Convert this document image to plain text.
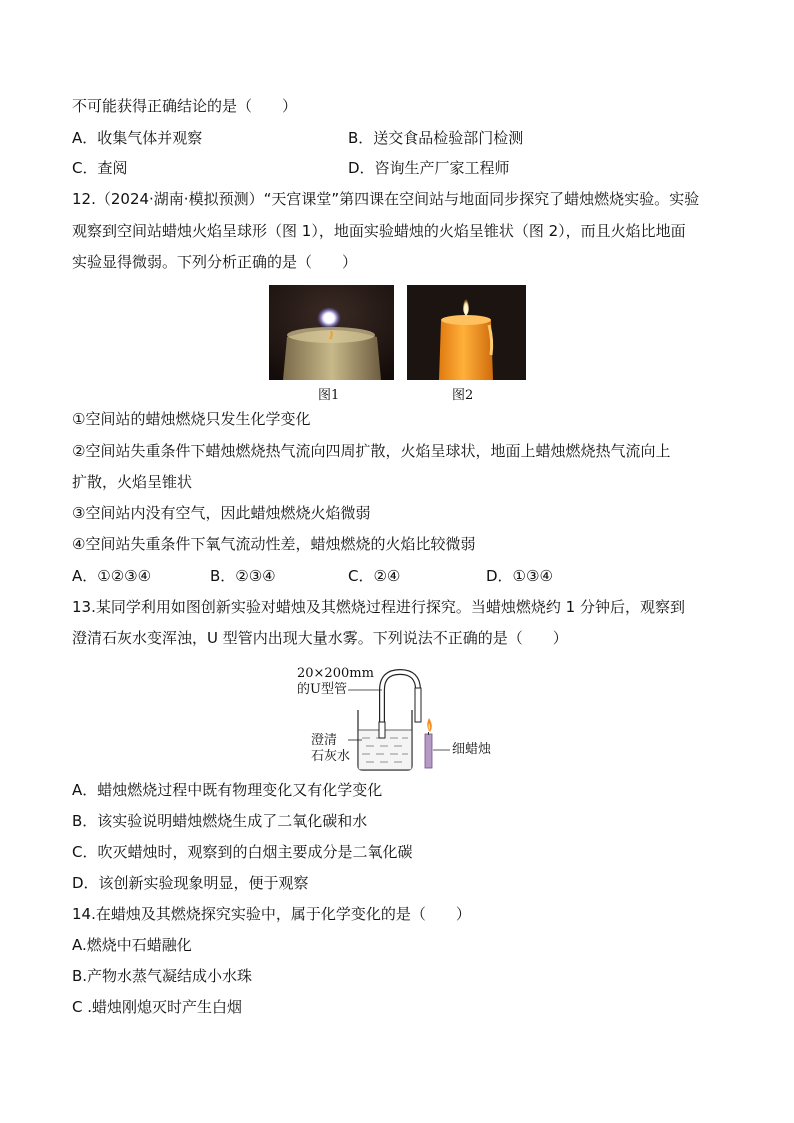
不可能获得正确结论的是（　　）
A．收集气体并观察	B．送交食品检验部门检测
C．查阅	D．咨询生产厂家工程师
12.（2024·湖南·模拟预测）“天宫课堂”第四课在空间站与地面同步探究了蜡烛燃烧实验。实验
观察到空间站蜡烛火焰呈球形（图 1），地面实验蜡烛的火焰呈锥状（图 2），而且火焰比地面
实验显得微弱。下列分析正确的是（　　）
图1	图2
①空间站的蜡烛燃烧只发生化学变化
②空间站失重条件下蜡烛燃烧热气流向四周扩散，火焰呈球状，地面上蜡烛燃烧热气流向上
扩散，火焰呈锥状
③空间站内没有空气，因此蜡烛燃烧火焰微弱
④空间站失重条件下氧气流动性差，蜡烛燃烧的火焰比较微弱
A．①②③④	B．②③④	C．②④	D．①③④
13.某同学利用如图创新实验对蜡烛及其燃烧过程进行探究。当蜡烛燃烧约 1 分钟后，观察到
澄清石灰水变浑浊，U 型管内出现大量水雾。下列说法不正确的是（　　）
20×200mm
的U型管
澄清
石灰水	细蜡烛
A．蜡烛燃烧过程中既有物理变化又有化学变化
B．该实验说明蜡烛燃烧生成了二氧化碳和水
C．吹灭蜡烛时，观察到的白烟主要成分是二氧化碳
D．该创新实验现象明显，便于观察
14.在蜡烛及其燃烧探究实验中，属于化学变化的是（　　）
A.燃烧中石蜡融化
B.产物水蒸气凝结成小水珠
C .蜡烛刚熄灭时产生白烟
